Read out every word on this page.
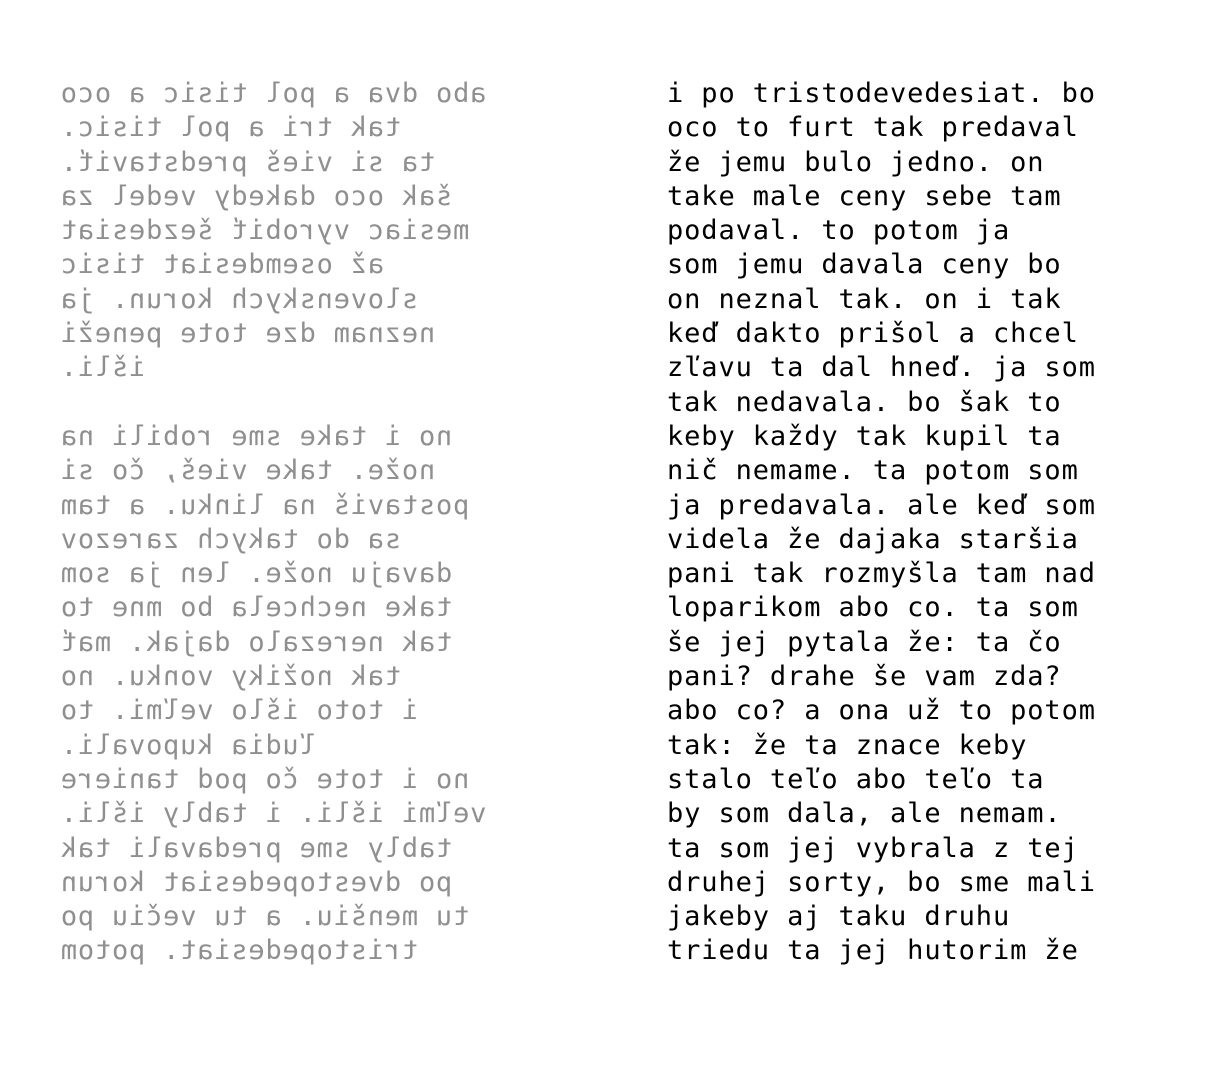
abo dva a pol tisic a oco
tak tri a pol tisic.
ta si vieš predstaviť.
šak oco dakedy vedel za
mesiac vyrobiť šezdesiat
až osemdesiat tisic
slovenskych korun. ja
neznam dze tote peneži
išli.
no i take sme robili na
nože. take vieš, čo si
postaviš na linku. a tam
sa do takych zarezov
davaju nože. len ja som
take nechcela bo mne to
tak nerezalo dajak. mať
tak nožiky vonku. no
i toto išlo veľmi. to
ľudia kupovali.
no i tote čo pod taniere
veľmi išli. i tably išli.
tably sme predavali tak
po dvestopedesiat korun
tu menšiu. a tu večiu po
tristopedesiat. potom
i po tristodevedesiat. bo
oco to furt tak predaval
že jemu bulo jedno. on
take male ceny sebe tam
podaval. to potom ja
som jemu davala ceny bo
on neznal tak. on i tak
keď dakto prišol a chcel
zľavu ta dal hneď. ja som
tak nedavala. bo šak to
keby každy tak kupil ta
nič nemame. ta potom som
ja predavala. ale keď som
videla že dajaka staršia
pani tak rozmyšla tam nad
loparikom abo co. ta som
še jej pytala že: ta čo
pani? drahe še vam zda?
abo co? a ona už to potom
tak: že ta znace keby
stalo teľo abo teľo ta
by som dala, ale nemam.
ta som jej vybrala z tej
druhej sorty, bo sme mali
jakeby aj taku druhu
triedu ta jej hutorim že
